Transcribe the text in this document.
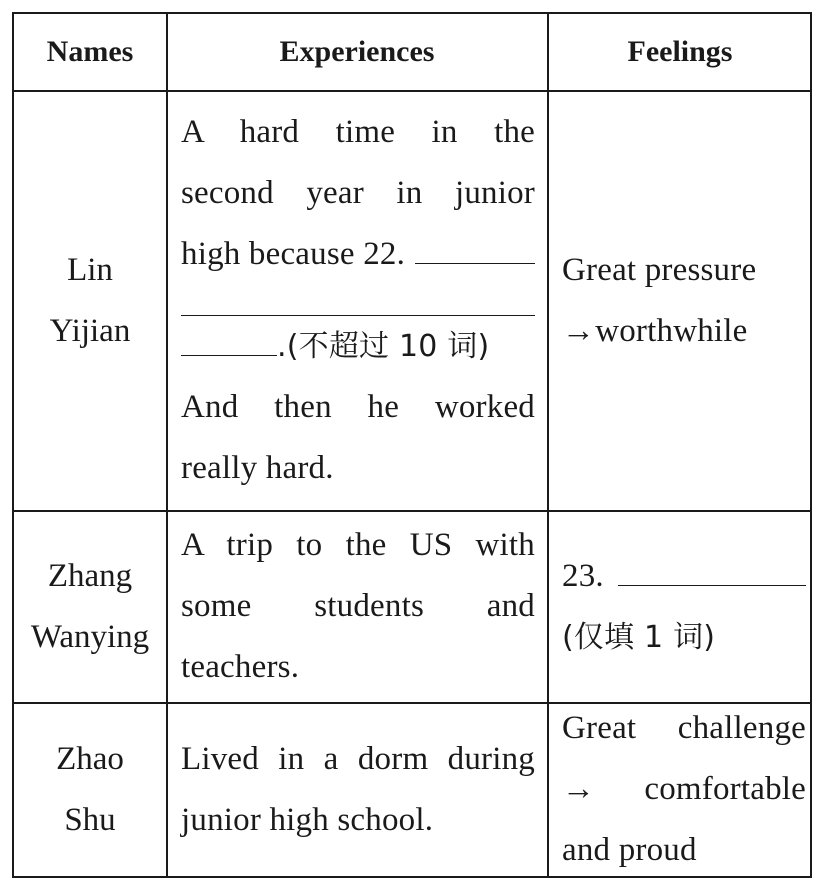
Names	Experiences	Feelings
Lin
Yijian
A hard time in the
second year in junior
high because 22.
.(不超过 10 词)
And then he worked
really hard.
Great pressure
→worthwhile
Zhang
Wanying
A trip to the US with
some students and
teachers.
23.
(仅填 1 词)
Zhao
Shu
Lived in a dorm during
junior high school.
Great challenge
→ comfortable
and proud
